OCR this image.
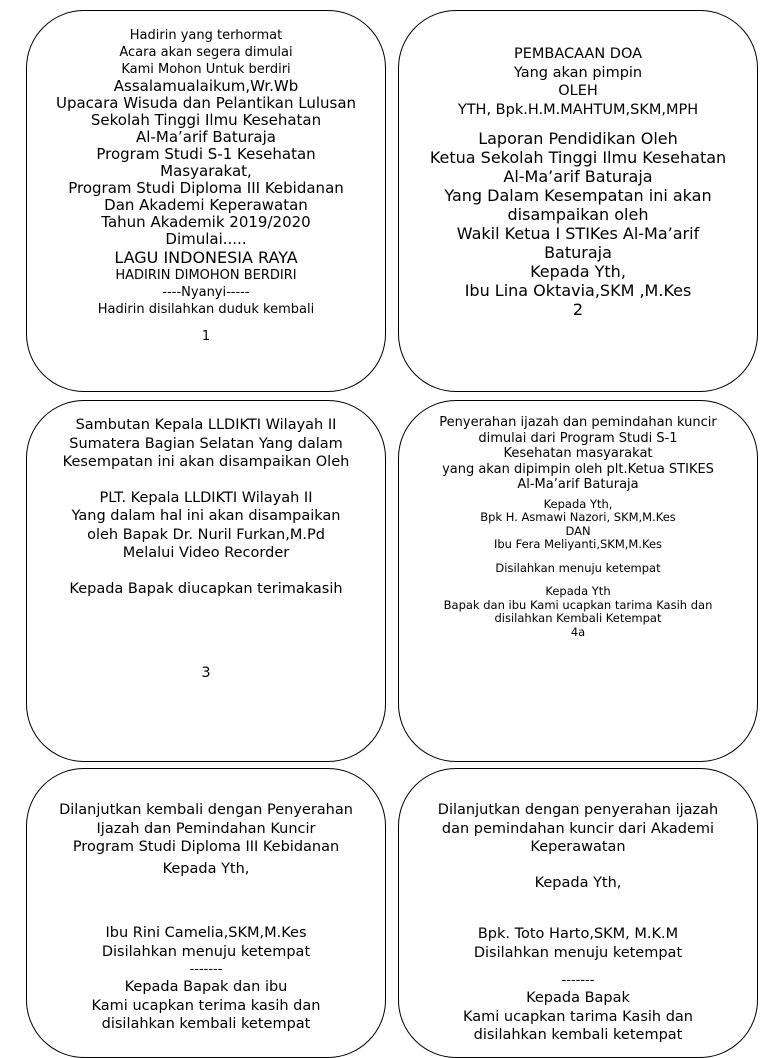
Hadirin yang terhormat

Acara akan segera dimulai

Kami Mohon Untuk berdiri

Assalamualaikum,Wr.Wb

Upacara Wisuda dan Pelantikan Lulusan

Sekolah Tinggi Ilmu Kesehatan

Al-Ma’arif Baturaja

Program Studi S-1 Kesehatan

Masyarakat,

Program Studi Diploma III Kebidanan

Dan Akademi Keperawatan

Tahun Akademik 2019/2020

Dimulai.....

LAGU INDONESIA RAYA

HADIRIN DIMOHON BERDIRI

----Nyanyi-----

Hadirin disilahkan duduk kembali

1

PEMBACAAN DOA

Yang akan pimpin

OLEH

YTH, Bpk.H.M.MAHTUM,SKM,MPH

Laporan Pendidikan Oleh

Ketua Sekolah Tinggi Ilmu Kesehatan

Al-Ma’arif Baturaja

Yang Dalam Kesempatan ini akan

disampaikan oleh

Wakil Ketua I STIKes Al-Ma’arif

Baturaja

Kepada Yth,

Ibu Lina Oktavia,SKM ,M.Kes

2

Sambutan Kepala LLDIKTI Wilayah II

Sumatera Bagian Selatan Yang dalam

Kesempatan ini akan disampaikan Oleh

PLT. Kepala LLDIKTI Wilayah II

Yang dalam hal ini akan disampaikan

oleh Bapak Dr. Nuril Furkan,M.Pd

Melalui Video Recorder

Kepada Bapak diucapkan terimakasih

3

Penyerahan ijazah dan pemindahan kuncir

dimulai dari Program Studi S-1

Kesehatan masyarakat

yang akan dipimpin oleh plt.Ketua STIKES

Al-Ma’arif Baturaja

Kepada Yth,

Bpk H. Asmawi Nazori, SKM,M.Kes

DAN

Ibu Fera Meliyanti,SKM,M.Kes

Disilahkan menuju ketempat

Kepada Yth

Bapak dan ibu Kami ucapkan tarima Kasih dan

disilahkan Kembali Ketempat

4a

Dilanjutkan kembali dengan Penyerahan

Ijazah dan Pemindahan Kuncir

Program Studi Diploma III Kebidanan

Kepada Yth,

Ibu Rini Camelia,SKM,M.Kes

Disilahkan menuju ketempat

-------

Kepada Bapak dan ibu

Kami ucapkan terima kasih dan

disilahkan kembali ketempat

Dilanjutkan dengan penyerahan ijazah

dan pemindahan kuncir dari Akademi

Keperawatan

Kepada Yth,

Bpk. Toto Harto,SKM, M.K.M

Disilahkan menuju ketempat

-------

Kepada Bapak

Kami ucapkan tarima Kasih dan

disilahkan kembali ketempat
